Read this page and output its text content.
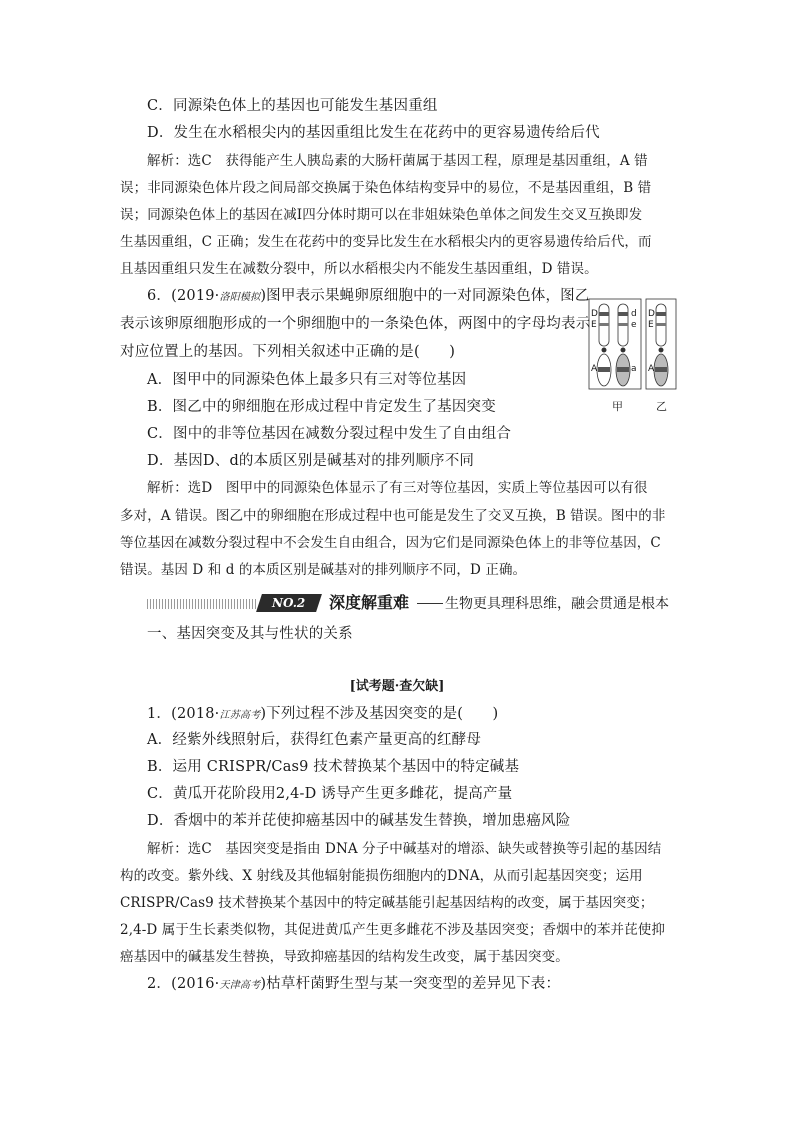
C．同源染色体上的基因也可能发生基因重组
D．发生在水稻根尖内的基因重组比发生在花药中的更容易遗传给后代
解析：选C　获得能产生人胰岛素的大肠杆菌属于基因工程，原理是基因重组，A 错
误；非同源染色体片段之间局部交换属于染色体结构变异中的易位，不是基因重组，B 错
误；同源染色体上的基因在减Ⅰ四分体时期可以在非姐妹染色单体之间发生交叉互换即发
生基因重组，C 正确；发生在花药中的变异比发生在水稻根尖内的更容易遗传给后代，而
且基因重组只发生在减数分裂中，所以水稻根尖内不能发生基因重组，D 错误。
6．(2019·洛阳模拟)图甲表示果蝇卵原细胞中的一对同源染色体，图乙
表示该卵原细胞形成的一个卵细胞中的一条染色体，两图中的字母均表示
对应位置上的基因。下列相关叙述中正确的是(　　)
A．图甲中的同源染色体上最多只有三对等位基因
B．图乙中的卵细胞在形成过程中肯定发生了基因突变
C．图中的非等位基因在减数分裂过程中发生了自由组合
D．基因D、d的本质区别是碱基对的排列顺序不同
D
E
A
d
e
a
D
E
A
甲	乙
解析：选D　图甲中的同源染色体显示了有三对等位基因，实质上等位基因可以有很
多对，A 错误。图乙中的卵细胞在形成过程中也可能是发生了交叉互换，B 错误。图中的非
等位基因在减数分裂过程中不会发生自由组合，因为它们是同源染色体上的非等位基因，C
错误。基因 D 和 d 的本质区别是碱基对的排列顺序不同，D 正确。
NO.2	深度解重难	生物更具理科思维，融会贯通是根本
一、基因突变及其与性状的关系
[试考题·查欠缺]
1．(2018·江苏高考)下列过程不涉及基因突变的是(　　)
A．经紫外线照射后，获得红色素产量更高的红酵母
B．运用 CRISPR/Cas9 技术替换某个基因中的特定碱基
C．黄瓜开花阶段用2,4-D 诱导产生更多雌花，提高产量
D．香烟中的苯并芘使抑癌基因中的碱基发生替换，增加患癌风险
解析：选C　基因突变是指由 DNA 分子中碱基对的增添、缺失或替换等引起的基因结
构的改变。紫外线、X 射线及其他辐射能损伤细胞内的DNA，从而引起基因突变；运用
CRISPR/Cas9 技术替换某个基因中的特定碱基能引起基因结构的改变，属于基因突变；
2,4-D 属于生长素类似物，其促进黄瓜产生更多雌花不涉及基因突变；香烟中的苯并芘使抑
癌基因中的碱基发生替换，导致抑癌基因的结构发生改变，属于基因突变。
2．(2016·天津高考)枯草杆菌野生型与某一突变型的差异见下表：
